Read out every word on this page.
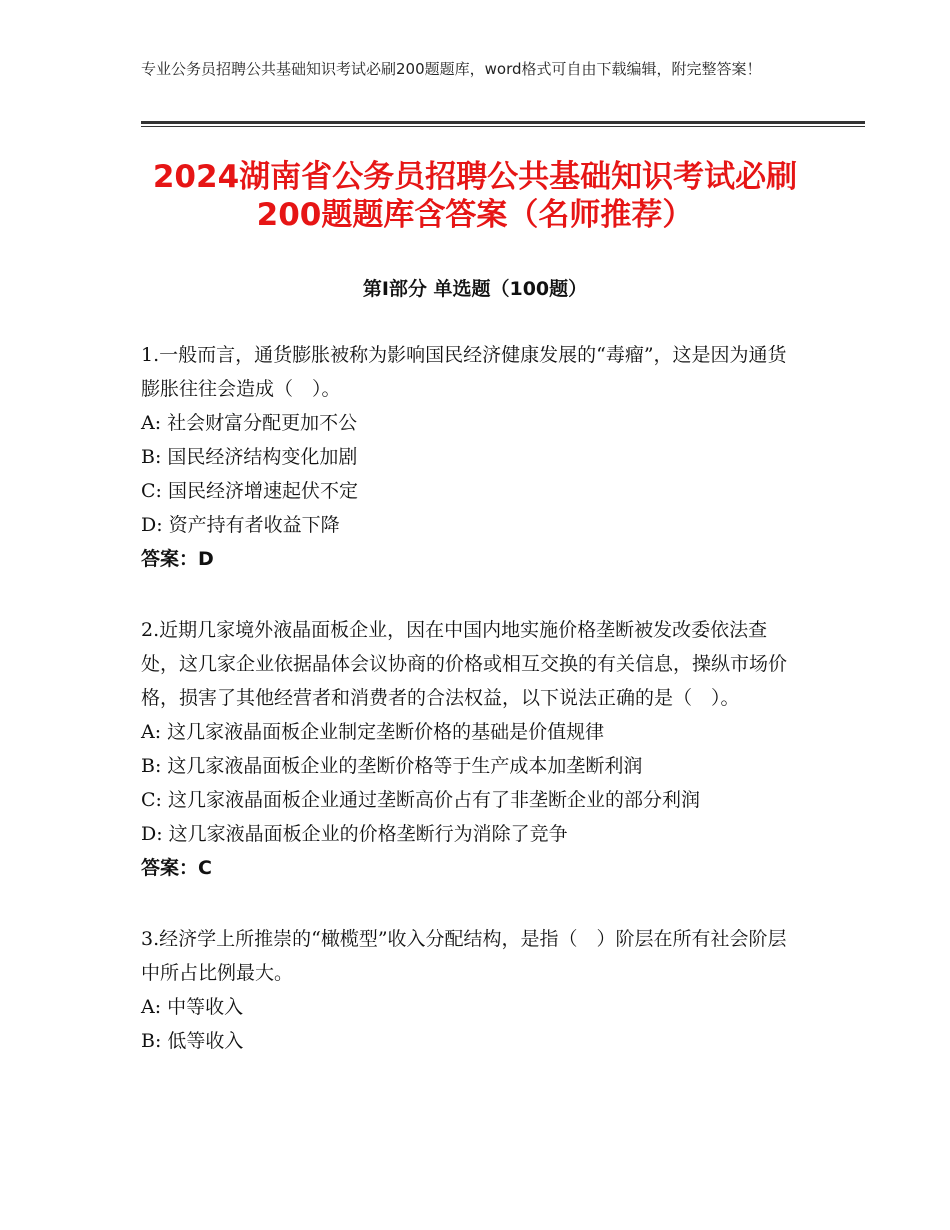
专业公务员招聘公共基础知识考试必刷200题题库，word格式可自由下载编辑，附完整答案！
2024湖南省公务员招聘公共基础知识考试必刷200题题库含答案（名师推荐）
第Ⅰ部分 单选题（100题）

1.一般而言，通货膨胀被称为影响国民经济健康发展的“毒瘤”，这是因为通货膨胀往往会造成（　）。

A: 社会财富分配更加不公

B: 国民经济结构变化加剧

C: 国民经济增速起伏不定

D: 资产持有者收益下降

答案：D

2.近期几家境外液晶面板企业，因在中国内地实施价格垄断被发改委依法查处，这几家企业依据晶体会议协商的价格或相互交换的有关信息，操纵市场价格，损害了其他经营者和消费者的合法权益，以下说法正确的是（　）。

A: 这几家液晶面板企业制定垄断价格的基础是价值规律

B: 这几家液晶面板企业的垄断价格等于生产成本加垄断利润

C: 这几家液晶面板企业通过垄断高价占有了非垄断企业的部分利润

D: 这几家液晶面板企业的价格垄断行为消除了竞争

答案：C

3.经济学上所推崇的“橄榄型”收入分配结构，是指（　）阶层在所有社会阶层中所占比例最大。

A: 中等收入

B: 低等收入
